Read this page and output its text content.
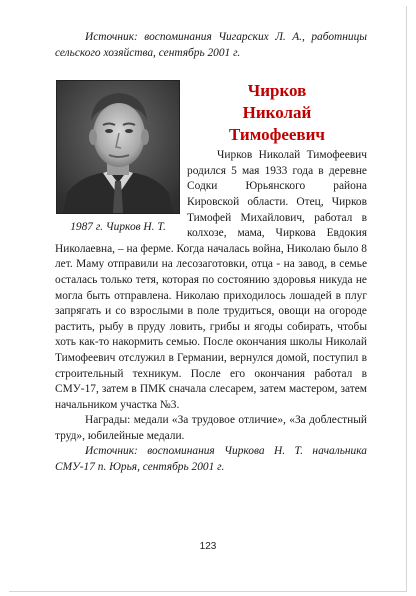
Источник: воспоминания Чигарских Л. А., работницы сельского хозяйства, сентябрь 2001 г.

1987 г. Чирков Н. Т.
Чирков
Николай
Тимофеевич

Чирков Николай Тимофеевич родился 5 мая 1933 года в деревне Содки Юрьянского района Кировской области. Отец, Чирков Тимофей Михайлович, работал в колхозе, мама, Чиркова Евдокия Николаевна, – на ферме. Когда началась война, Николаю было 8 лет. Маму отправили на лесозаготовки, отца - на завод, в семье осталась только тетя, которая по состоянию здоровья никуда не могла быть отправлена. Николаю приходилось лошадей в плуг запрягать и со взрослыми в поле трудиться, овощи на огороде растить, рыбу в пруду ловить, грибы и ягоды собирать, чтобы хоть как-то накормить семью. После окончания школы Николай Тимофеевич отслужил в Германии, вернулся домой, поступил в строительный техникум. После его окончания работал в СМУ-17, затем в ПМК сначала слесарем, затем мастером, затем начальником участка №3.

Награды: медали «За трудовое отличие», «За доблестный труд», юбилейные медали.

Источник: воспоминания Чиркова Н. Т. начальника СМУ-17 п. Юрья, сентябрь 2001 г.

123
